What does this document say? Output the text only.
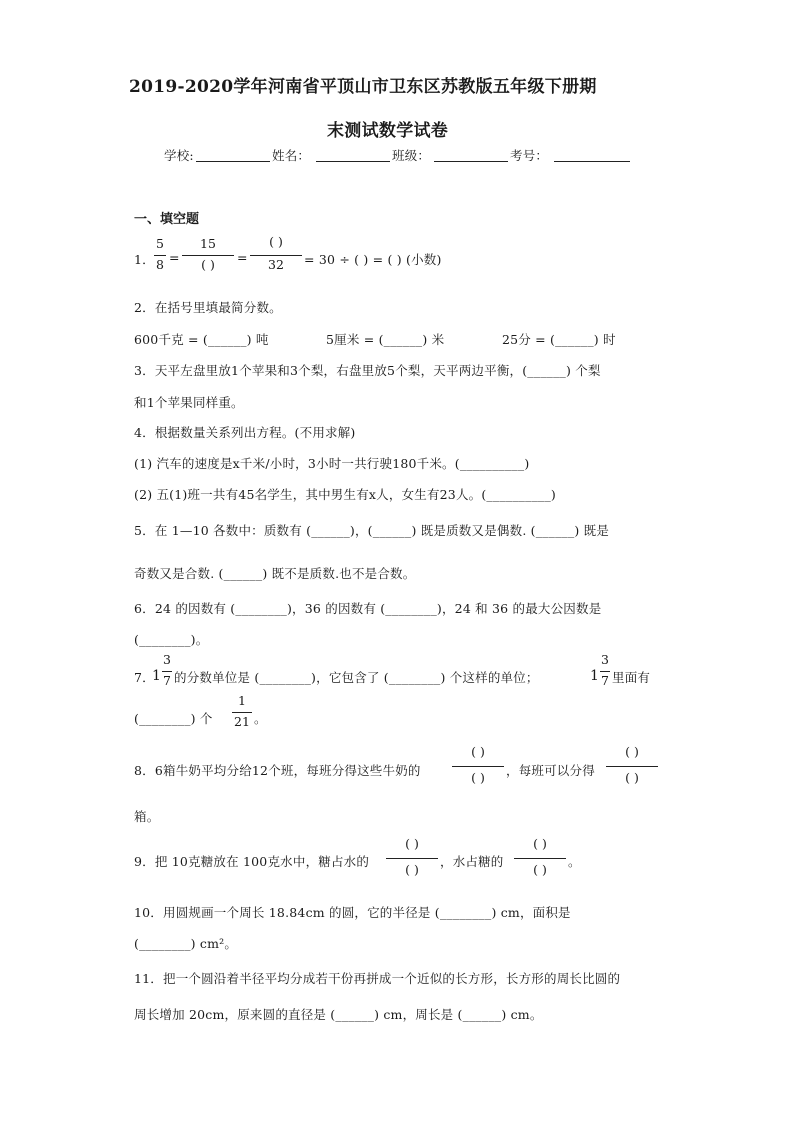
2019-2020学年河南省平顶山市卫东区苏教版五年级下册期
末测试数学试卷
学校:	姓名：	班级：	考号：
一、填空题
1．
5
8 =
15
( )	=
( )
32	= 30 ÷ ( ) = ( ) (小数)
2．在括号里填最简分数。
600千克 = (______) 吨	5厘米 = (______) 米	25分 = (______) 时
3．天平左盘里放1个苹果和3个梨，右盘里放5个梨，天平两边平衡，(______) 个梨
和1个苹果同样重。
4．根据数量关系列出方程。(不用求解)
(1) 汽车的速度是x千米/小时，3小时一共行驶180千米。(__________)
(2) 五(1)班一共有45名学生，其中男生有x人，女生有23人。(__________)
5．在 1—10 各数中：质数有 (______)，(______) 既是质数又是偶数. (______) 既是
奇数又是合数. (______) 既不是质数.也不是合数。
6．24 的因数有 (________)，36 的因数有 (________)，24 和 36 的最大公因数是
(________)。
7．
1
3
7 的分数单位是 (________)，它包含了 (________) 个这样的单位；	1
3
7 里面有
(________) 个
1
21 。
8．6箱牛奶平均分给12个班，每班分得这些牛奶的
( )
( )	，每班可以分得
( )
( )
箱。
9．把 10克糖放在 100克水中，糖占水的
( )
( )
，水占糖的
( )
( )
。
10．用圆规画一个周长 18.84cm 的圆，它的半径是 (________) cm，面积是
(________) cm²。
11．把一个圆沿着半径平均分成若干份再拼成一个近似的长方形，长方形的周长比圆的
周长增加 20cm，原来圆的直径是 (______) cm，周长是 (______) cm。
